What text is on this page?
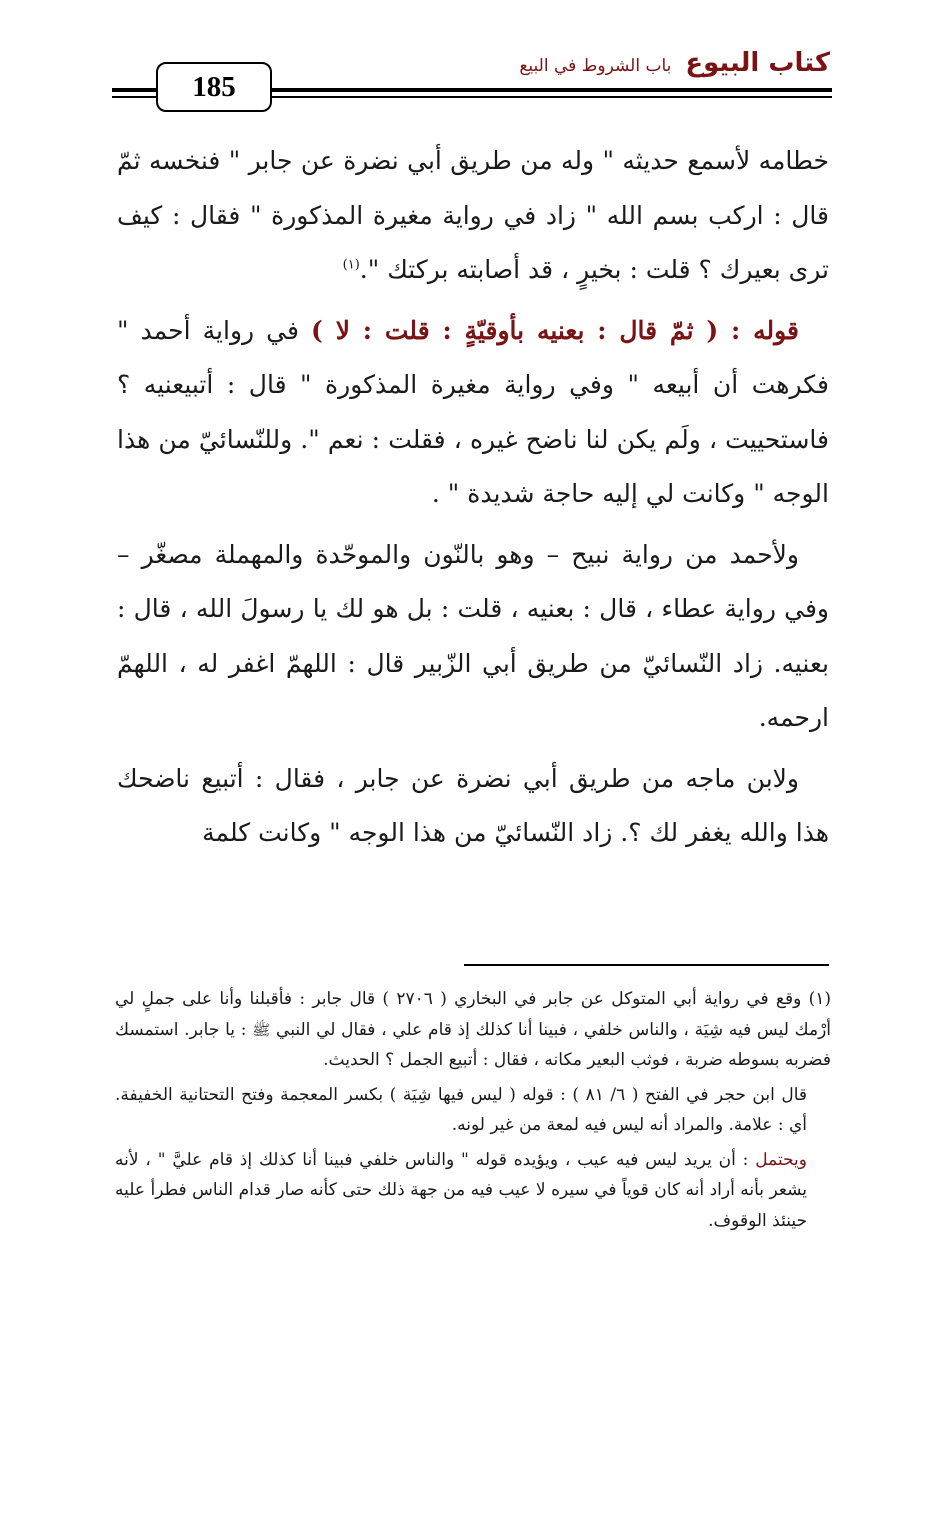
185
كتاب البيوع
باب الشروط في البيع

خطامه لأسمع حديثه " وله من طريق أبي نضرة عن جابر " فنخسه ثمّ قال : اركب بسم الله " زاد في رواية مغيرة المذكورة " فقال : كيف ترى بعيرك ؟ قلت : بخيرٍ ، قد أصابته بركتك ".$^{(١)}$

قوله : ( ثمّ قال : بعنيه بأوقيّةٍ : قلت : لا ) في رواية أحمد " فكرهت أن أبيعه " وفي رواية مغيرة المذكورة " قال : أتبيعنيه ؟ فاستحييت ، ولَم يكن لنا ناضح غيره ، فقلت : نعم ". وللنّسائيّ من هذا الوجه " وكانت لي إليه حاجة شديدة " .

ولأحمد من رواية نبيح – وهو بالنّون والموحّدة والمهملة مصغّر – وفي رواية عطاء ، قال : بعنيه ، قلت : بل هو لك يا رسولَ الله ، قال : بعنيه. زاد النّسائيّ من طريق أبي الزّبير قال : اللهمّ اغفر له ، اللهمّ ارحمه.

ولابن ماجه من طريق أبي نضرة عن جابر ، فقال : أتبيع ناضحك هذا والله يغفر لك ؟. زاد النّسائيّ من هذا الوجه " وكانت كلمة

(١) وقع في رواية أبي المتوكل عن جابر في البخاري ( ٢٧٠٦ ) قال جابر : فأقبلنا وأنا على جملٍ لي أرْمك ليس فيه شِيَة ، والناس خلفي ، فبينا أنا كذلك إذ قام علي ، فقال لي النبي ﷺ : يا جابر. استمسك فضربه بسوطه ضربة ، فوثب البعير مكانه ، فقال : أتبيع الجمل ؟ الحديث.

قال ابن حجر في الفتح ( ٦/ ٨١ ) : قوله ( ليس فيها شِيَة ) بكسر المعجمة وفتح التحتانية الخفيفة. أي : علامة. والمراد أنه ليس فيه لمعة من غير لونه.

ويحتمل : أن يريد ليس فيه عيب ، ويؤيده قوله " والناس خلفي فبينا أنا كذلك إذ قام عليَّ " ، لأنه يشعر بأنه أراد أنه كان قوياً في سيره لا عيب فيه من جهة ذلك حتى كأنه صار قدام الناس فطرأ عليه حينئذ الوقوف.
